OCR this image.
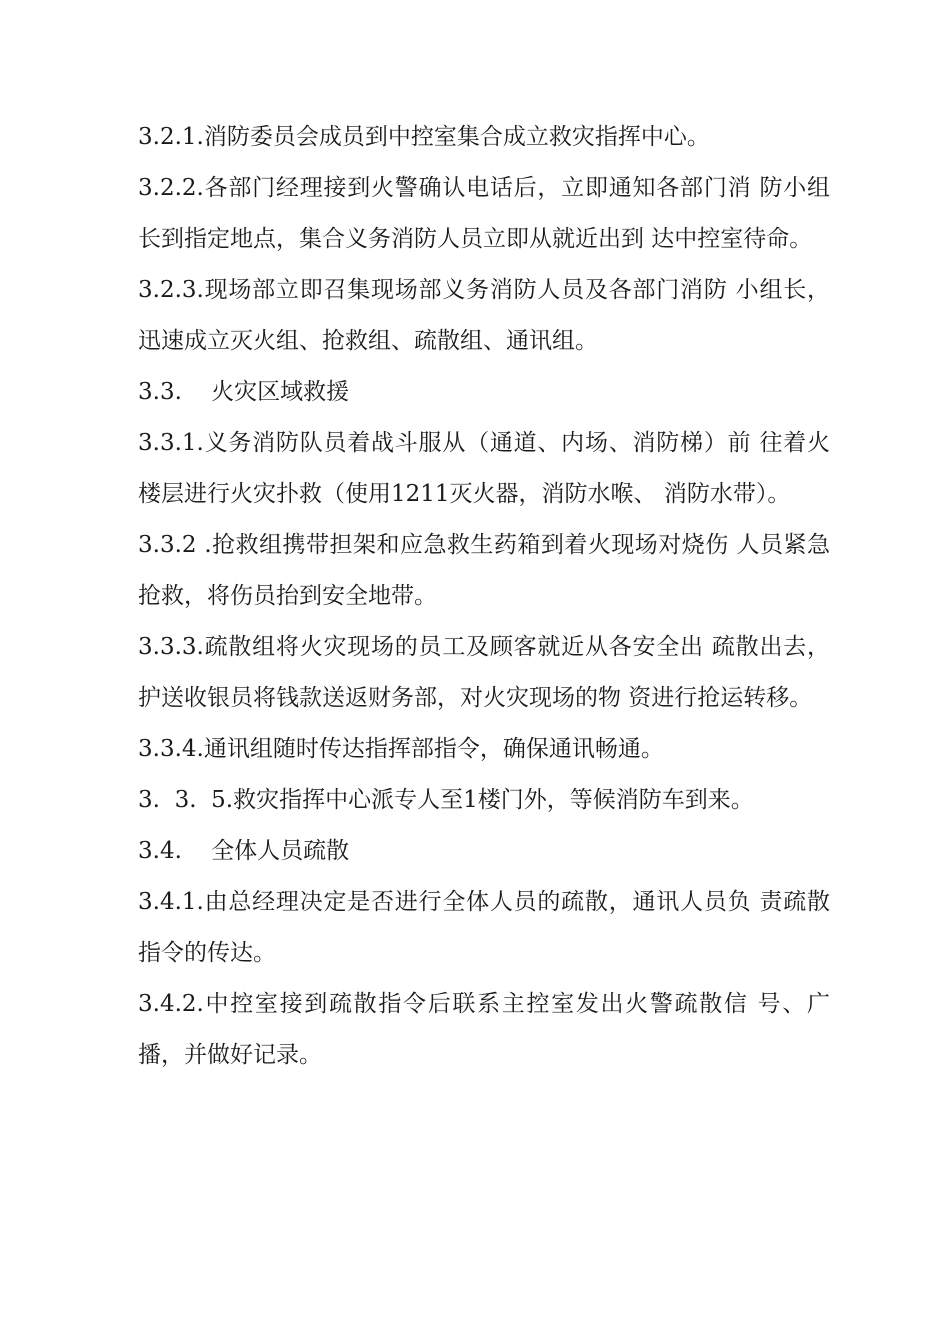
3.2.1.消防委员会成员到中控室集合成立救灾指挥中心。

3.2.2.各部门经理接到火警确认电话后，立即通知各部门消 防小组长到指定地点，集合义务消防人员立即从就近出到 达中控室待命。

3.2.3.现场部立即召集现场部义务消防人员及各部门消防 小组长，迅速成立灭火组、抢救组、疏散组、通讯组。

3.3.    火灾区域救援

3.3.1.义务消防队员着战斗服从（通道、内场、消防梯）前 往着火楼层进行火灾扑救（使用1211灭火器，消防水喉、 消防水带）。

3.3.2 .抢救组携带担架和应急救生药箱到着火现场对烧伤 人员紧急抢救，将伤员抬到安全地带。

3.3.3.疏散组将火灾现场的员工及顾客就近从各安全出 疏散出去，护送收银员将钱款送返财务部，对火灾现场的物 资进行抢运转移。

3.3.4.通讯组随时传达指挥部指令，确保通讯畅通。

3.  3.  5.救灾指挥中心派专人至1楼门外，等候消防车到来。

3.4.    全体人员疏散

3.4.1.由总经理决定是否进行全体人员的疏散，通讯人员负 责疏散指令的传达。

3.4.2.中控室接到疏散指令后联系主控室发出火警疏散信 号、广播，并做好记录。
